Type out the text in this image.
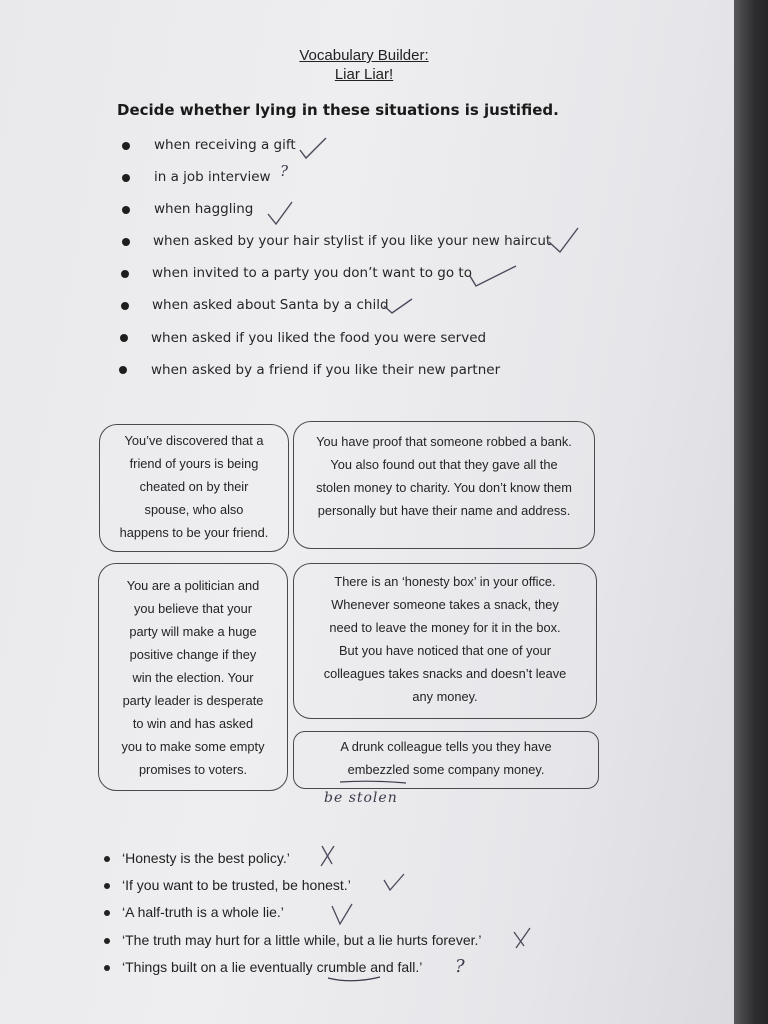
Vocabulary Builder:
Liar Liar!
Decide whether lying in these situations is justified.
when receiving a gift
in a job interview
when haggling
when asked by your hair stylist if you like your new haircut
when invited to a party you don’t want to go to
when asked about Santa by a child
when asked if you liked the food you were served
when asked by a friend if you like their new partner
?
?
You’ve discovered that a
friend of yours is being
cheated on by their
spouse, who also
happens to be your friend.
You have proof that someone robbed a bank.
You also found out that they gave all the
stolen money to charity. You don’t know them
personally but have their name and address.
You are a politician and
you believe that your
party will make a huge
positive change if they
win the election. Your
party leader is desperate
to win and has asked
you to make some empty
promises to voters.
There is an ‘honesty box’ in your office.
Whenever someone takes a snack, they
need to leave the money for it in the box.
But you have noticed that one of your
colleagues takes snacks and doesn’t leave
any money.
A drunk colleague tells you they have
embezzled some company money.
be stolen
‘Honesty is the best policy.’
‘If you want to be trusted, be honest.’
‘A half-truth is a whole lie.’
‘The truth may hurt for a little while, but a lie hurts forever.’
‘Things built on a lie eventually crumble and fall.’
